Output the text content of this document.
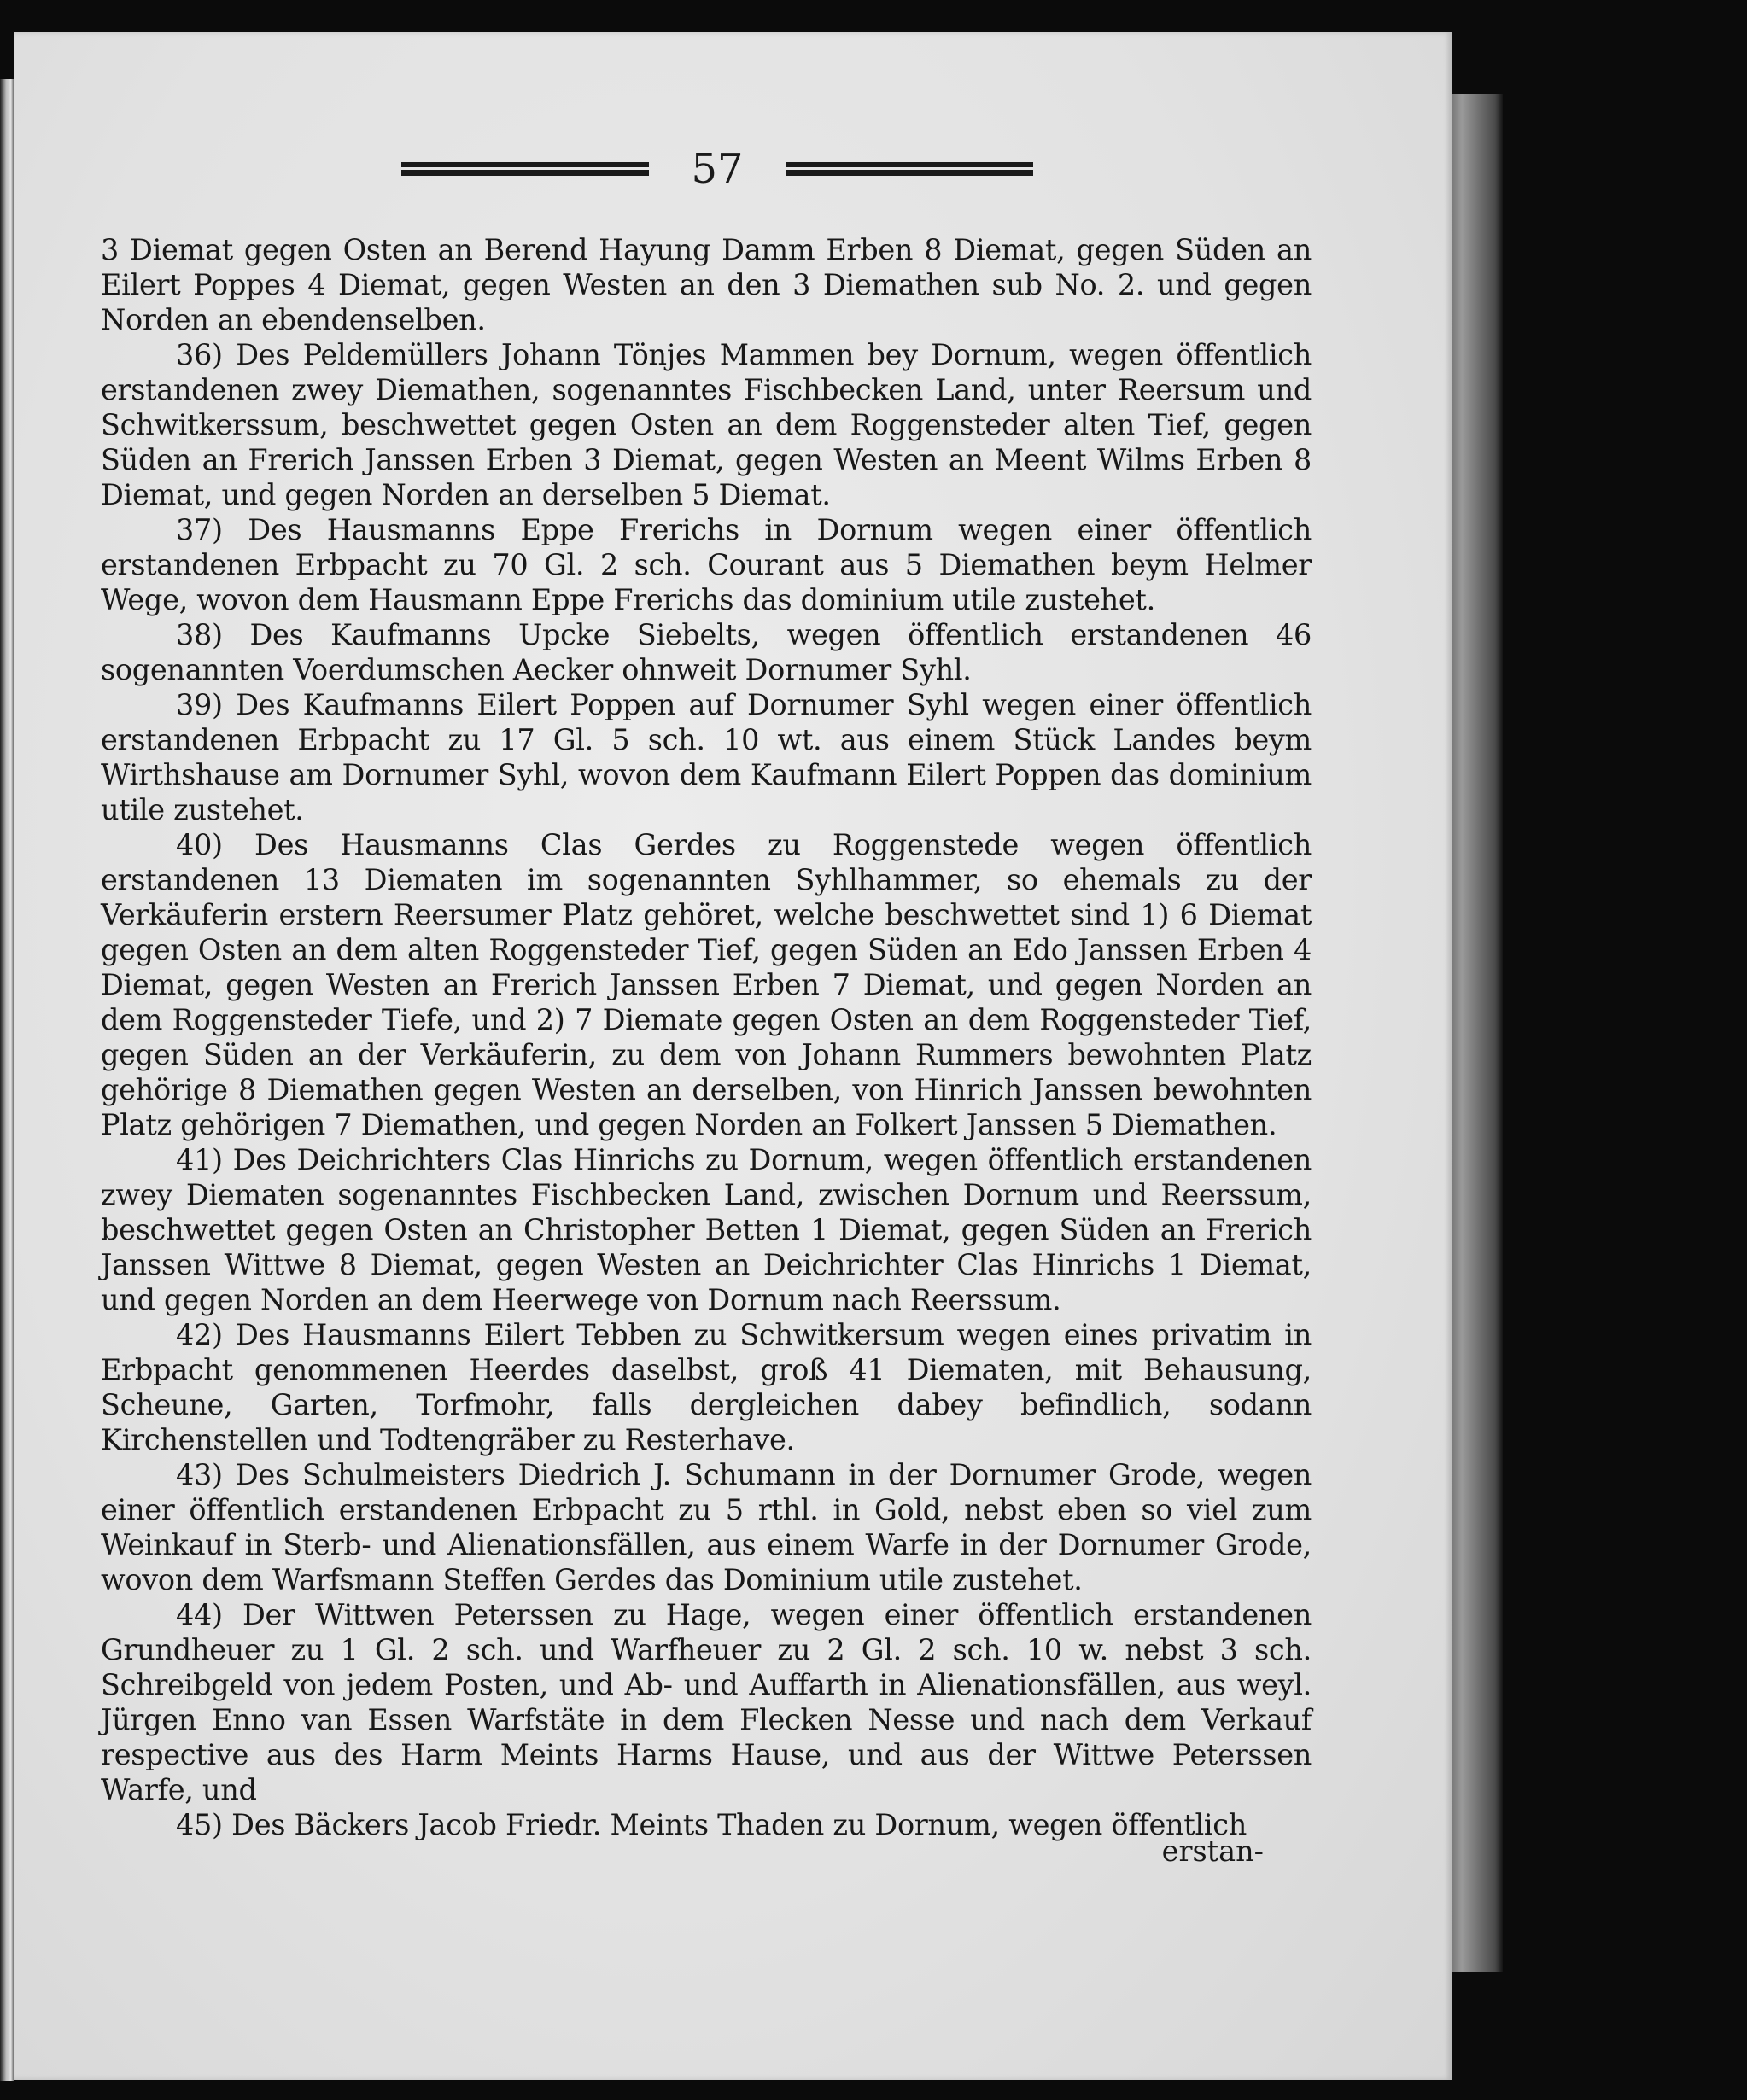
57

3 Diemat gegen Osten an Berend Hayung Damm Erben 8 Diemat, gegen Süden an Eilert Poppes 4 Diemat, gegen Westen an den 3 Diemathen sub No. 2. und gegen Norden an ebendenselben.

36) Des Peldemüllers Johann Tönjes Mammen bey Dornum, wegen öffentlich erstandenen zwey Diemathen, sogenanntes Fischbecken Land, unter Reersum und Schwitkerssum, beschwettet gegen Osten an dem Roggensteder alten Tief, gegen Süden an Frerich Janssen Erben 3 Diemat, gegen Westen an Meent Wilms Erben 8 Diemat, und gegen Norden an derselben 5 Diemat.

37) Des Hausmanns Eppe Frerichs in Dornum wegen einer öffentlich erstandenen Erbpacht zu 70 Gl. 2 sch. Courant aus 5 Diemathen beym Helmer Wege, wovon dem Hausmann Eppe Frerichs das dominium utile zustehet.

38) Des Kaufmanns Upcke Siebelts, wegen öffentlich erstandenen 46 sogenannten Voerdumschen Aecker ohnweit Dornumer Syhl.

39) Des Kaufmanns Eilert Poppen auf Dornumer Syhl wegen einer öffentlich erstandenen Erbpacht zu 17 Gl. 5 sch. 10 wt. aus einem Stück Landes beym Wirthshause am Dornumer Syhl, wovon dem Kaufmann Eilert Poppen das dominium utile zustehet.

40) Des Hausmanns Clas Gerdes zu Roggenstede wegen öffentlich erstandenen 13 Diematen im sogenannten Syhlhammer, so ehemals zu der Verkäuferin erstern Reersumer Platz gehöret, welche beschwettet sind 1) 6 Diemat gegen Osten an dem alten Roggensteder Tief, gegen Süden an Edo Janssen Erben 4 Diemat, gegen Westen an Frerich Janssen Erben 7 Diemat, und gegen Norden an dem Roggensteder Tiefe, und 2) 7 Diemate gegen Osten an dem Roggensteder Tief, gegen Süden an der Verkäuferin, zu dem von Johann Rummers bewohnten Platz gehörige 8 Diemathen gegen Westen an derselben, von Hinrich Janssen bewohnten Platz gehörigen 7 Diemathen, und gegen Norden an Folkert Janssen 5 Diemathen.

41) Des Deichrichters Clas Hinrichs zu Dornum, wegen öffentlich erstandenen zwey Diematen sogenanntes Fischbecken Land, zwischen Dornum und Reerssum, beschwettet gegen Osten an Christopher Betten 1 Diemat, gegen Süden an Frerich Janssen Wittwe 8 Diemat, gegen Westen an Deichrichter Clas Hinrichs 1 Diemat, und gegen Norden an dem Heerwege von Dornum nach Reerssum.

42) Des Hausmanns Eilert Tebben zu Schwitkersum wegen eines privatim in Erbpacht genommenen Heerdes daselbst, groß 41 Diematen, mit Behausung, Scheune, Garten, Torfmohr, falls dergleichen dabey befindlich, sodann Kirchenstellen und Todtengräber zu Resterhave.

43) Des Schulmeisters Diedrich J. Schumann in der Dornumer Grode, wegen einer öffentlich erstandenen Erbpacht zu 5 rthl. in Gold, nebst eben so viel zum Weinkauf in Sterb- und Alienationsfällen, aus einem Warfe in der Dornumer Grode, wovon dem Warfsmann Steffen Gerdes das Dominium utile zustehet.

44) Der Wittwen Peterssen zu Hage, wegen einer öffentlich erstandenen Grundheuer zu 1 Gl. 2 sch. und Warfheuer zu 2 Gl. 2 sch. 10 w. nebst 3 sch. Schreibgeld von jedem Posten, und Ab- und Auffarth in Alienationsfällen, aus weyl. Jürgen Enno van Essen Warfstäte in dem Flecken Nesse und nach dem Verkauf respective aus des Harm Meints Harms Hause, und aus der Wittwe Peterssen Warfe, und

45) Des Bäckers Jacob Friedr. Meints Thaden zu Dornum, wegen öffentlich

erstan-
